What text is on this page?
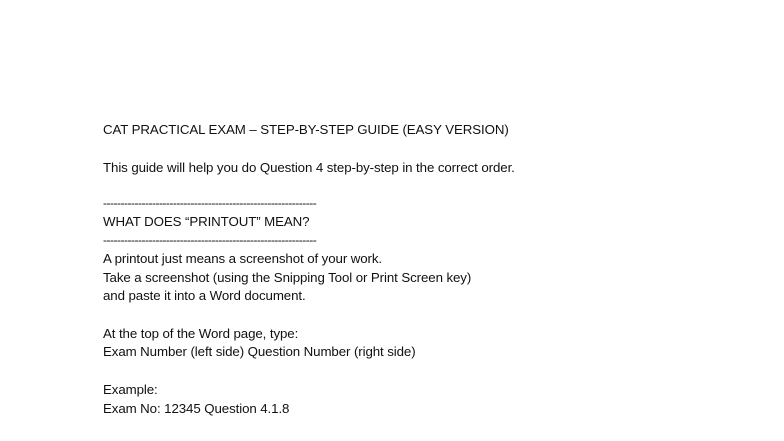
CAT PRACTICAL EXAM – STEP-BY-STEP GUIDE (EASY VERSION)
This guide will help you do Question 4 step-by-step in the correct order.
-------------------------------------------------------------
WHAT DOES “PRINTOUT” MEAN?
-------------------------------------------------------------
A printout just means a screenshot of your work.
Take a screenshot (using the Snipping Tool or Print Screen key)
and paste it into a Word document.
At the top of the Word page, type:
Exam Number (left side) Question Number (right side)
Example:
Exam No: 12345 Question 4.1.8
